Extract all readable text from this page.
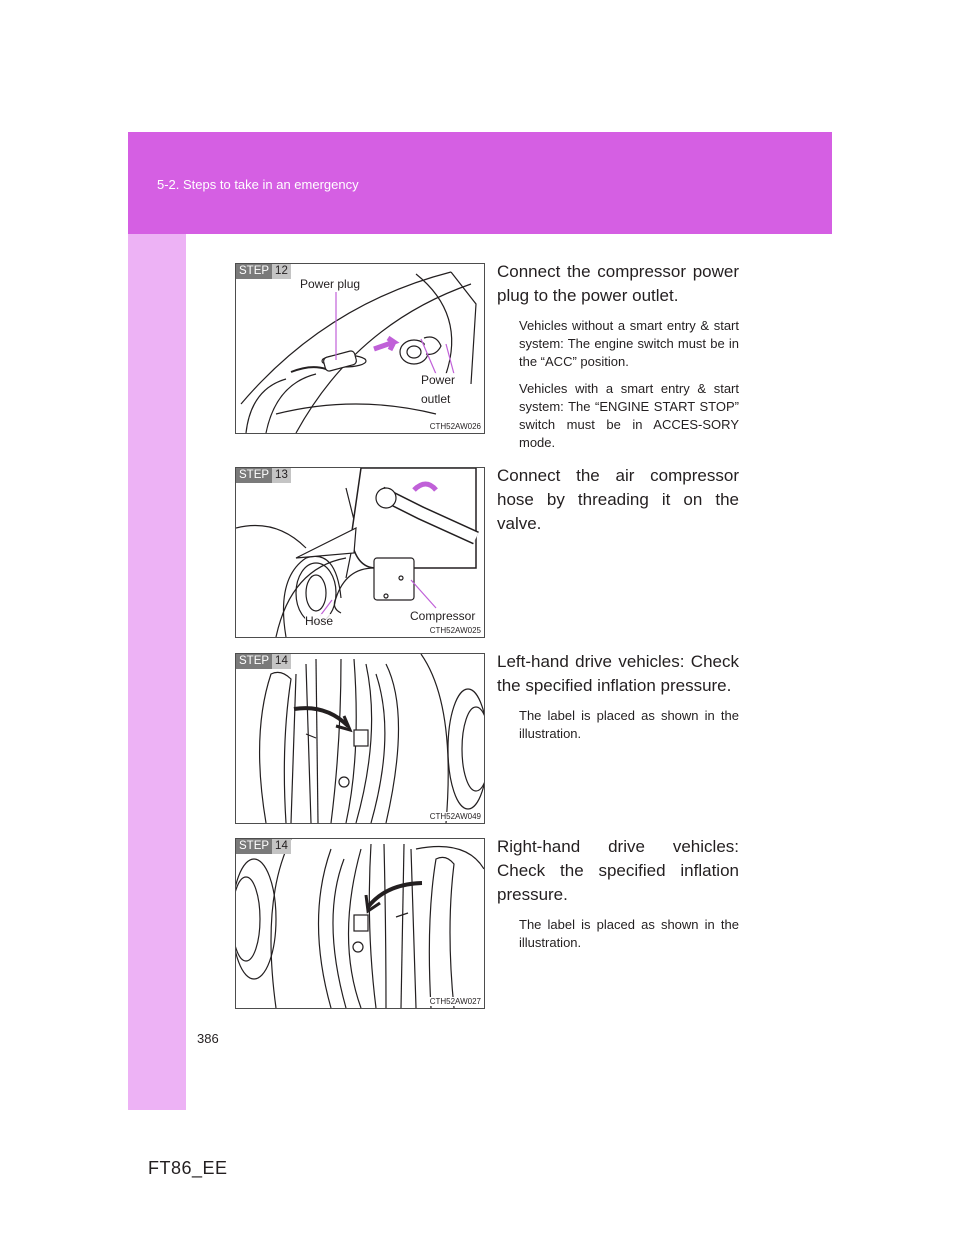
5-2. Steps to take in an emergency
STEP 12
Power plug
Power
outlet
CTH52AW026

Connect the compressor power plug to the power outlet.

Vehicles without a smart entry & start system: The engine switch must be in the “ACC” position.

Vehicles with a smart entry & start system: The “ENGINE START STOP” switch must be in ACCES-SORY mode.

STEP 13
Hose	Compressor
CTH52AW025

Connect the air compressor hose by threading it on the valve.

STEP 14
CTH52AW049

Left-hand drive vehicles: Check the specified inflation pressure.

The label is placed as shown in the illustration.

STEP 14
CTH52AW027

Right-hand drive vehicles: Check the specified inflation pressure.

The label is placed as shown in the illustration.

386
FT86_EE
